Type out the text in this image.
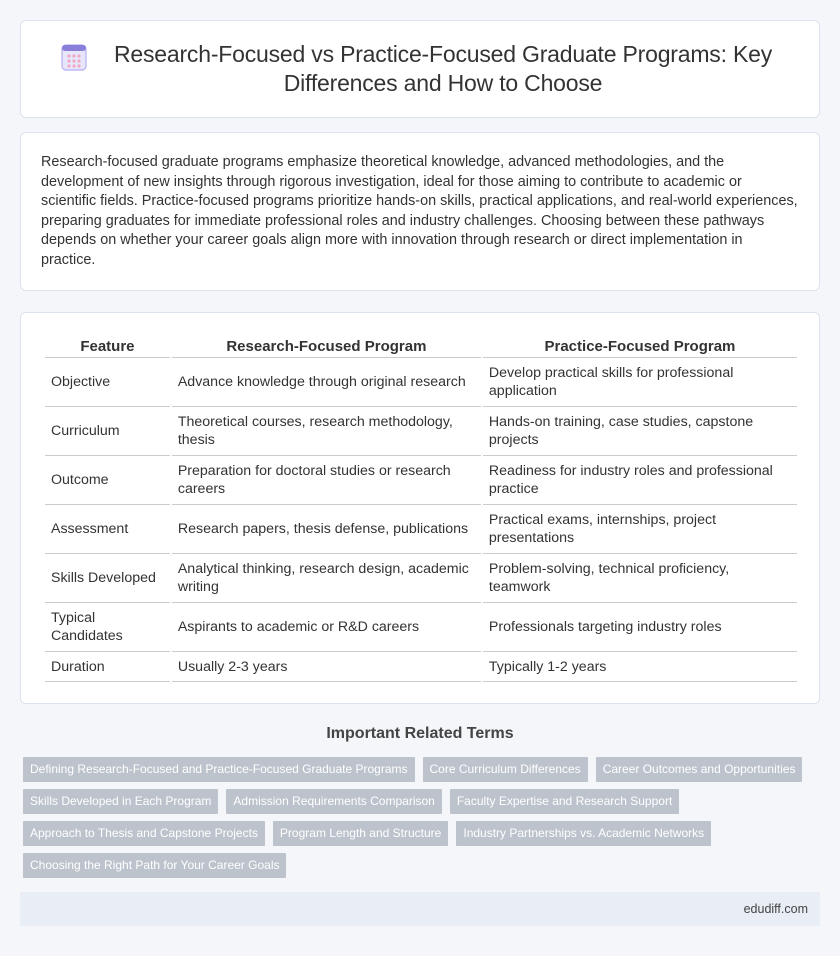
Research-Focused vs Practice-Focused Graduate Programs: Key Differences and How to Choose

Research-focused graduate programs emphasize theoretical knowledge, advanced methodologies, and the development of new insights through rigorous investigation, ideal for those aiming to contribute to academic or scientific fields. Practice-focused programs prioritize hands-on skills, practical applications, and real-world experiences, preparing graduates for immediate professional roles and industry challenges. Choosing between these pathways depends on whether your career goals align more with innovation through research or direct implementation in practice.

Feature	Research-Focused Program	Practice-Focused Program
Objective	Advance knowledge through original research	Develop practical skills for professional application
Curriculum	Theoretical courses, research methodology, thesis	Hands-on training, case studies, capstone projects
Outcome	Preparation for doctoral studies or research careers	Readiness for industry roles and professional practice
Assessment	Research papers, thesis defense, publications	Practical exams, internships, project presentations
Skills Developed	Analytical thinking, research design, academic writing	Problem-solving, technical proficiency, teamwork
Typical Candidates	Aspirants to academic or R&D careers	Professionals targeting industry roles
Duration	Usually 2-3 years	Typically 1-2 years
Important Related Terms
Defining Research-Focused and Practice-Focused Graduate Programs	Core Curriculum Differences	Career Outcomes and Opportunities
Skills Developed in Each Program	Admission Requirements Comparison	Faculty Expertise and Research Support
Approach to Thesis and Capstone Projects	Program Length and Structure	Industry Partnerships vs. Academic Networks
Choosing the Right Path for Your Career Goals
edudiff.com
